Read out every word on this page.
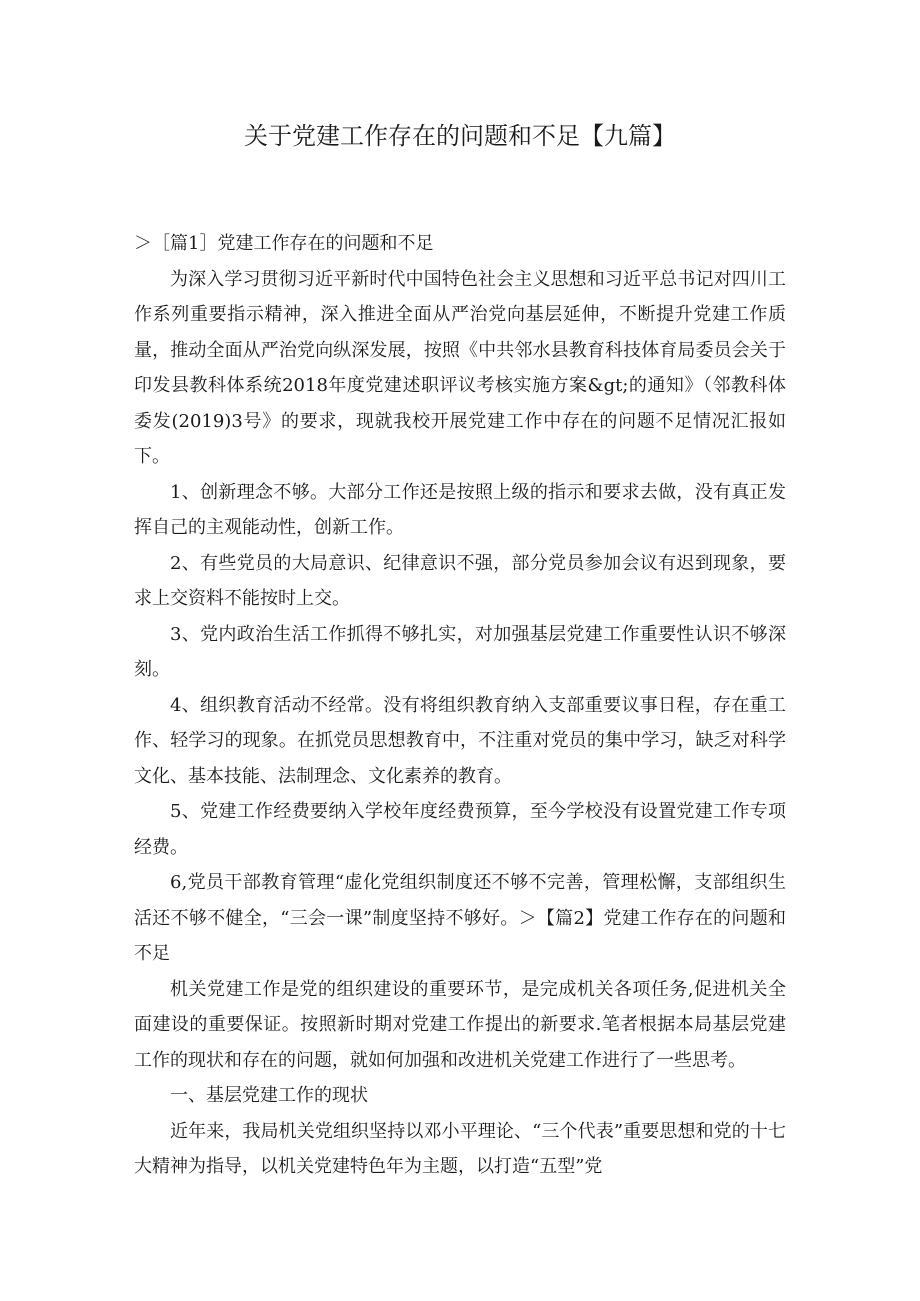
关于党建工作存在的问题和不足【九篇】

＞［篇1］党建工作存在的问题和不足

为深入学习贯彻习近平新时代中国特色社会主义思想和习近平总书记对四川工作系列重要指示精神，深入推进全面从严治党向基层延伸，不断提升党建工作质量，推动全面从严治党向纵深发展，按照《中共邻水县教育科技体育局委员会关于印发县教科体系统2018年度党建述职评议考核实施方案&gt;的通知》（邻教科体委发(2019)3号》的要求，现就我校开展党建工作中存在的问题不足情况汇报如下。

1、创新理念不够。大部分工作还是按照上级的指示和要求去做，没有真正发挥自己的主观能动性，创新工作。

2、有些党员的大局意识、纪律意识不强，部分党员参加会议有迟到现象，要求上交资料不能按时上交。

3、党内政治生活工作抓得不够扎实，对加强基层党建工作重要性认识不够深刻。

4、组织教育活动不经常。没有将组织教育纳入支部重要议事日程，存在重工作、轻学习的现象。在抓党员思想教育中，不注重对党员的集中学习，缺乏对科学文化、基本技能、法制理念、文化素养的教育。

5、党建工作经费要纳入学校年度经费预算，至今学校没有设置党建工作专项经费。

6,党员干部教育管理“虚化党组织制度还不够不完善，管理松懈，支部组织生活还不够不健全，“三会一课”制度坚持不够好。＞【篇2】党建工作存在的问题和不足

机关党建工作是党的组织建设的重要环节，是完成机关各项任务,促进机关全面建设的重要保证。按照新时期对党建工作提出的新要求.笔者根据本局基层党建工作的现状和存在的问题，就如何加强和改进机关党建工作进行了一些思考。

一、基层党建工作的现状

近年来，我局机关党组织坚持以邓小平理论、“三个代表”重要思想和党的十七大精神为指导，以机关党建特色年为主题，以打造“五型”党
